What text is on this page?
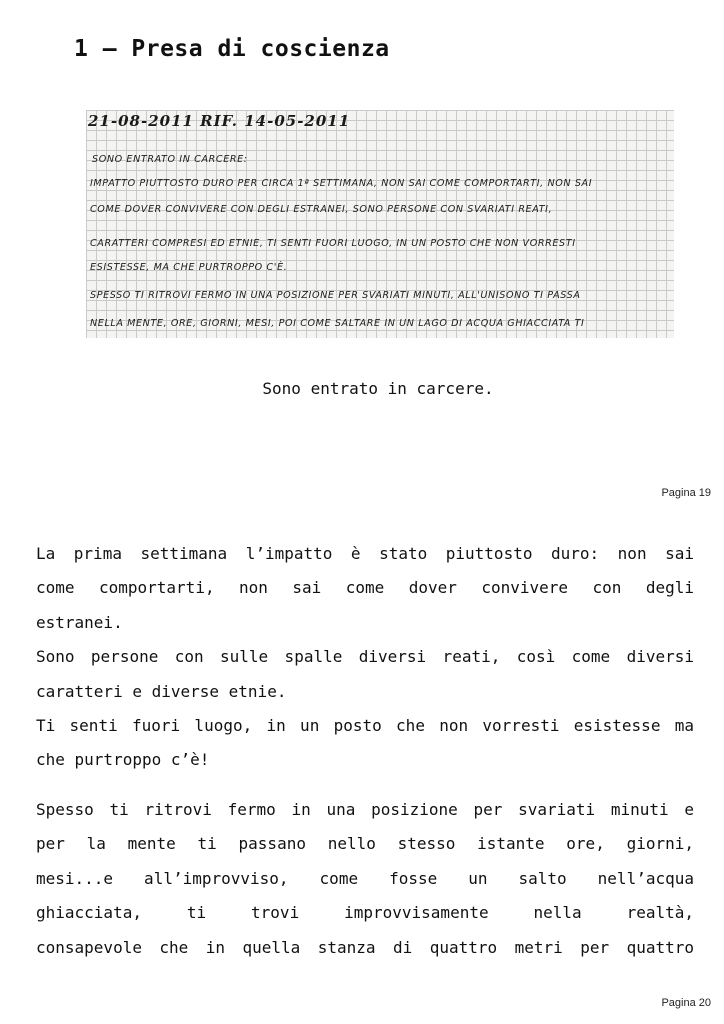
1 – Presa di coscienza
21-08-2011 RIF. 14-05-2011
SONO ENTRATO IN CARCERE:
IMPATTO PIUTTOSTO DURO PER CIRCA 1ª SETTIMANA, NON SAI COME COMPORTARTI, NON SAI
COME DOVER CONVIVERE CON DEGLI ESTRANEI, SONO PERSONE CON SVARIATI REATI,
CARATTERI COMPRESI ED ETNIE, TI SENTI FUORI LUOGO, IN UN POSTO CHE NON VORRESTI
ESISTESSE, MA CHE PURTROPPO C'È.
SPESSO TI RITROVI FERMO IN UNA POSIZIONE PER SVARIATI MINUTI, ALL'UNISONO TI PASSA
NELLA MENTE, ORE, GIORNI, MESI, POI COME SALTARE IN UN LAGO DI ACQUA GHIACCIATA TI
Sono entrato in carcere.
Pagina 19
La prima settimana l’impatto è stato piuttosto duro: non sai
come comportarti, non sai come dover convivere con degli
estranei.
Sono persone con sulle spalle diversi reati, così come diversi
caratteri e diverse etnie.
Ti senti fuori luogo, in un posto che non vorresti esistesse ma
che purtroppo c’è!
Spesso ti ritrovi fermo in una posizione per svariati minuti e
per la mente ti passano nello stesso istante ore, giorni,
mesi...e all’improvviso, come fosse un salto nell’acqua
ghiacciata, ti trovi improvvisamente nella realtà,
consapevole che in quella stanza di quattro metri per quattro
Pagina 20
